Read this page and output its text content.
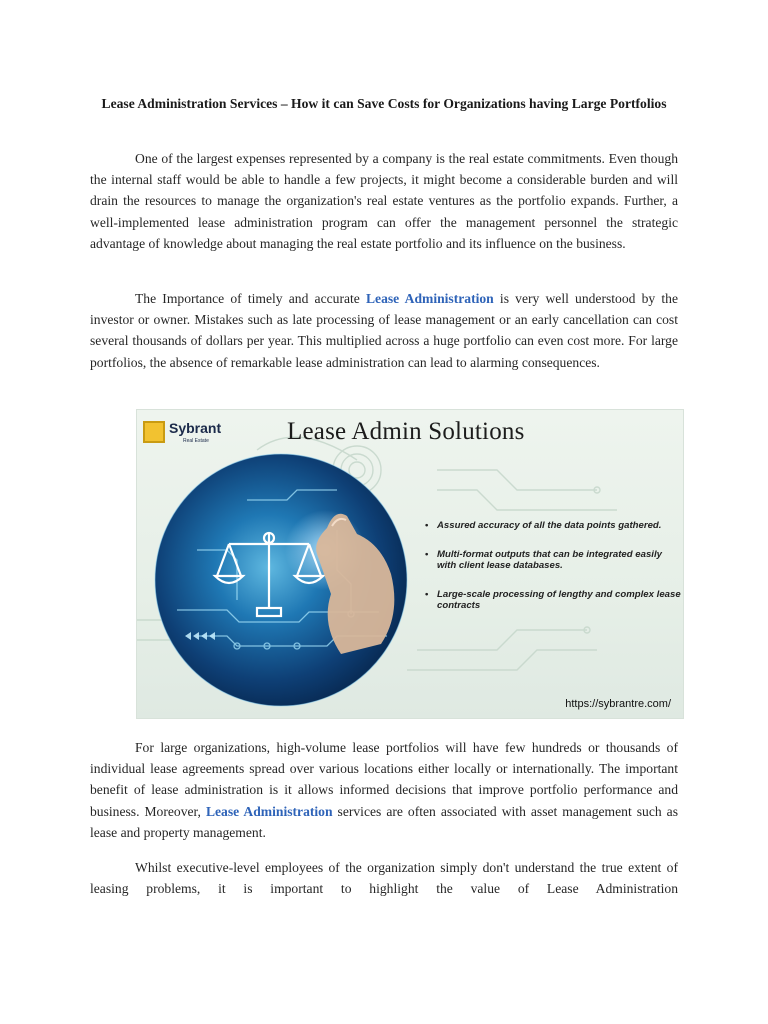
Lease Administration Services – How it can Save Costs for Organizations having Large Portfolios

One of the largest expenses represented by a company is the real estate commitments. Even though the internal staff would be able to handle a few projects, it might become a considerable burden and will drain the resources to manage the organization's real estate ventures as the portfolio expands. Further, a well-implemented lease administration program can offer the management personnel the strategic advantage of knowledge about managing the real estate portfolio and its influence on the business.

The Importance of timely and accurate Lease Administration is very well understood by the investor or owner. Mistakes such as late processing of lease management or an early cancellation can cost several thousands of dollars per year. This multiplied across a huge portfolio can even cost more. For large portfolios, the absence of remarkable lease administration can lead to alarming consequences.

For large organizations, high-volume lease portfolios will have few hundreds or thousands of individual lease agreements spread over various locations either locally or internationally. The important benefit of lease administration is it allows informed decisions that improve portfolio performance and business. Moreover, Lease Administration services are often associated with asset management such as lease and property management.

Whilst executive-level employees of the organization simply don't understand the true extent of leasing problems, it is important to highlight the value of Lease Administration

Sybrant
Real Estate	Lease Admin Solutions
• Assured accuracy of all the data points gathered.
• Multi-format outputs that can be integrated easily with client lease databases.
• Large-scale processing of lengthy and complex lease contracts
https://sybrantre.com/
